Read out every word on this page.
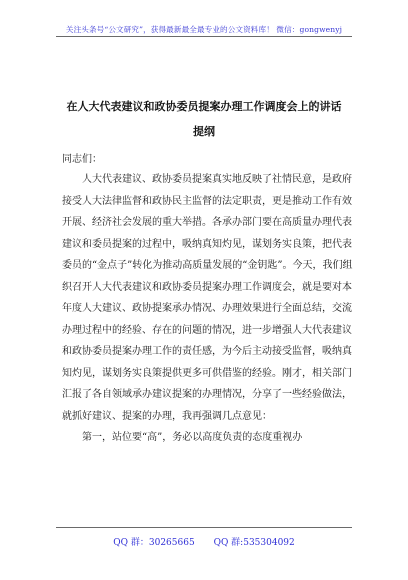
关注头条号“公文研究”，获得最新最全最专业的公文资料库！ 微信：gongwenyj
在人大代表建议和政协委员提案办理工作调度会上的讲话
提纲
同志们：

人大代表建议、政协委员提案真实地反映了社情民意，是政府接受人大法律监督和政协民主监督的法定职责，更是推动工作有效开展、经济社会发展的重大举措。各承办部门要在高质量办理代表建议和委员提案的过程中，吸纳真知灼见，谋划务实良策，把代表委员的“金点子”转化为推动高质量发展的“金钥匙”。今天，我们组织召开人大代表建议和政协委员提案办理工作调度会，就是要对本年度人大建议、政协提案承办情况、办理效果进行全面总结，交流办理过程中的经验、存在的问题的情况，进一步增强人大代表建议和政协委员提案办理工作的责任感，为今后主动接受监督，吸纳真知灼见，谋划务实良策提供更多可供借鉴的经验。刚才，相关部门汇报了各自领域承办建议提案的办理情况，分享了一些经验做法，就抓好建议、提案的办理，我再强调几点意见：

第一，站位要“高”，务必以高度负责的态度重视办

QQ 群：30265665 QQ 群:535304092
